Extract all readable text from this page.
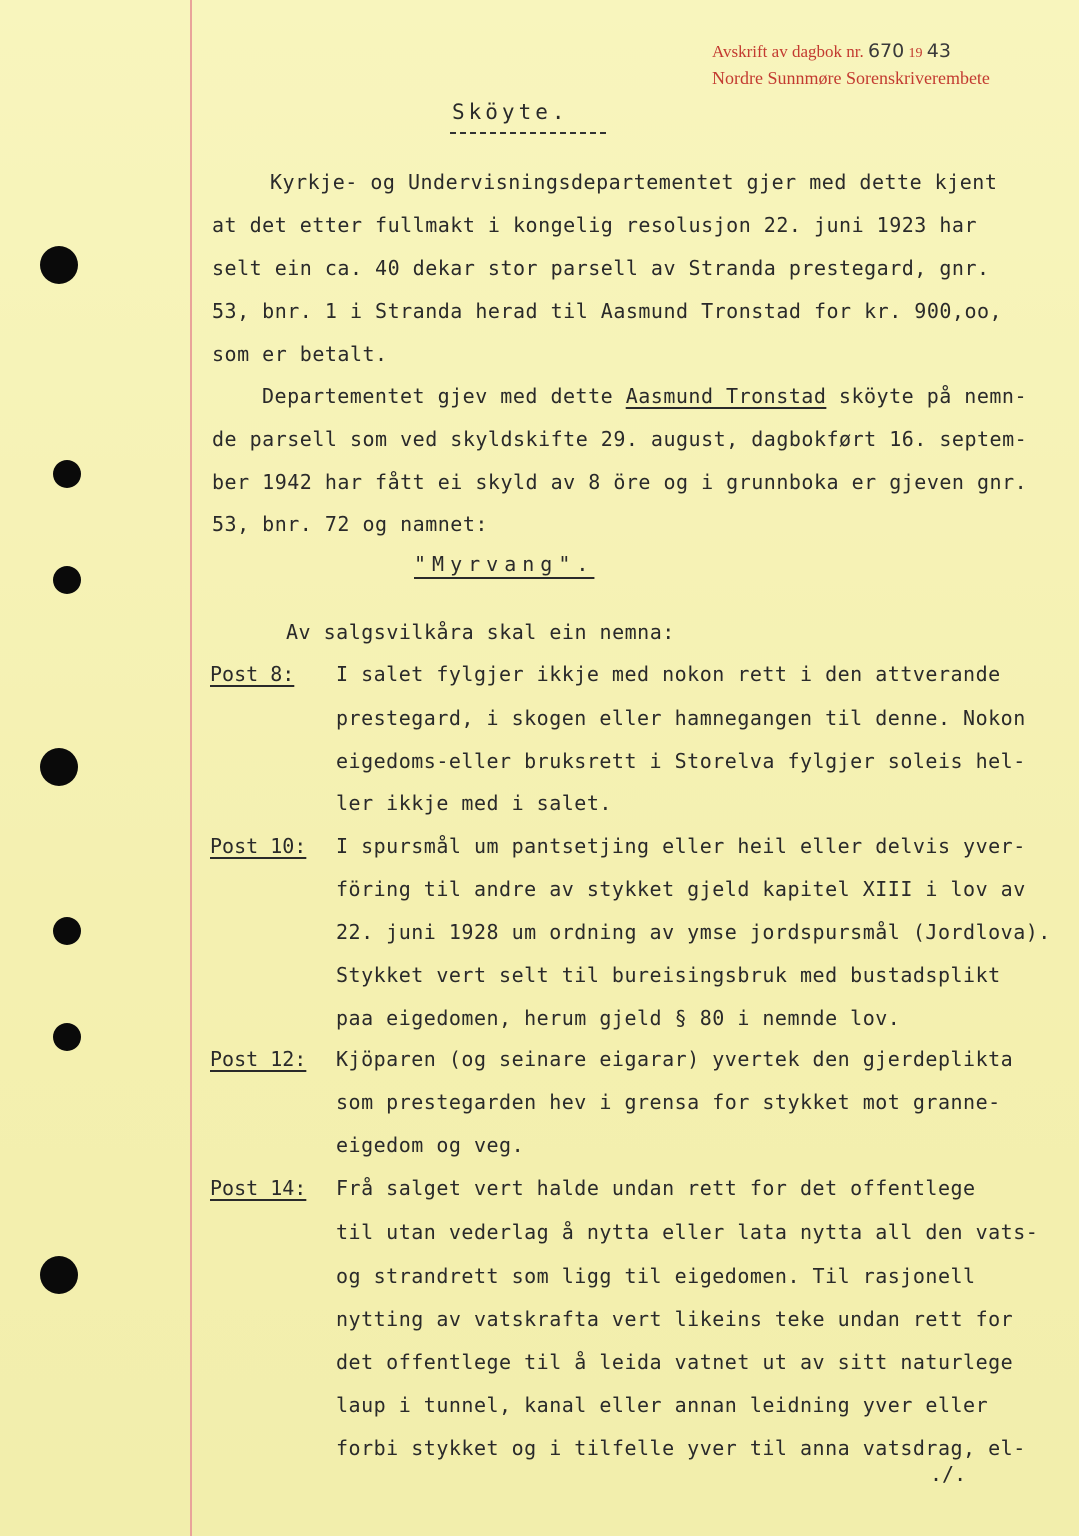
Avskrift av dagbok nr. 670 19 43
Nordre Sunnmøre Sorenskriverembete
Sköyte.
Kyrkje- og Undervisningsdepartementet gjer med dette kjent
at det etter fullmakt i kongelig resolusjon 22. juni 1923 har
selt ein ca. 40 dekar stor parsell av Stranda prestegard, gnr.
53, bnr. 1 i Stranda herad til Aasmund Tronstad for kr. 900,oo,
som er betalt.
Departementet gjev med dette Aasmund Tronstad sköyte på nemn-
de parsell som ved skyldskifte 29. august, dagbokført 16. septem-
ber 1942 har fått ei skyld av 8 öre og i grunnboka er gjeven gnr.
53, bnr. 72 og namnet:
"Myrvang".
Av salgsvilkåra skal ein nemna:
Post 8: I salet fylgjer ikkje med nokon rett i den attverande
prestegard, i skogen eller hamnegangen til denne. Nokon
eigedoms-eller bruksrett i Storelva fylgjer soleis hel-
ler ikkje med i salet.
Post 10: I spursmål um pantsetjing eller heil eller delvis yver-
föring til andre av stykket gjeld kapitel XIII i lov av
22. juni 1928 um ordning av ymse jordspursmål (Jordlova).
Stykket vert selt til bureisingsbruk med bustadsplikt
paa eigedomen, herum gjeld § 80 i nemnde lov.
Post 12: Kjöparen (og seinare eigarar) yvertek den gjerdeplikta
som prestegarden hev i grensa for stykket mot granne-
eigedom og veg.
Post 14: Frå salget vert halde undan rett for det offentlege
til utan vederlag å nytta eller lata nytta all den vats-
og strandrett som ligg til eigedomen. Til rasjonell
nytting av vatskrafta vert likeins teke undan rett for
det offentlege til å leida vatnet ut av sitt naturlege
laup i tunnel, kanal eller annan leidning yver eller
forbi stykket og i tilfelle yver til anna vatsdrag, el-
./.
